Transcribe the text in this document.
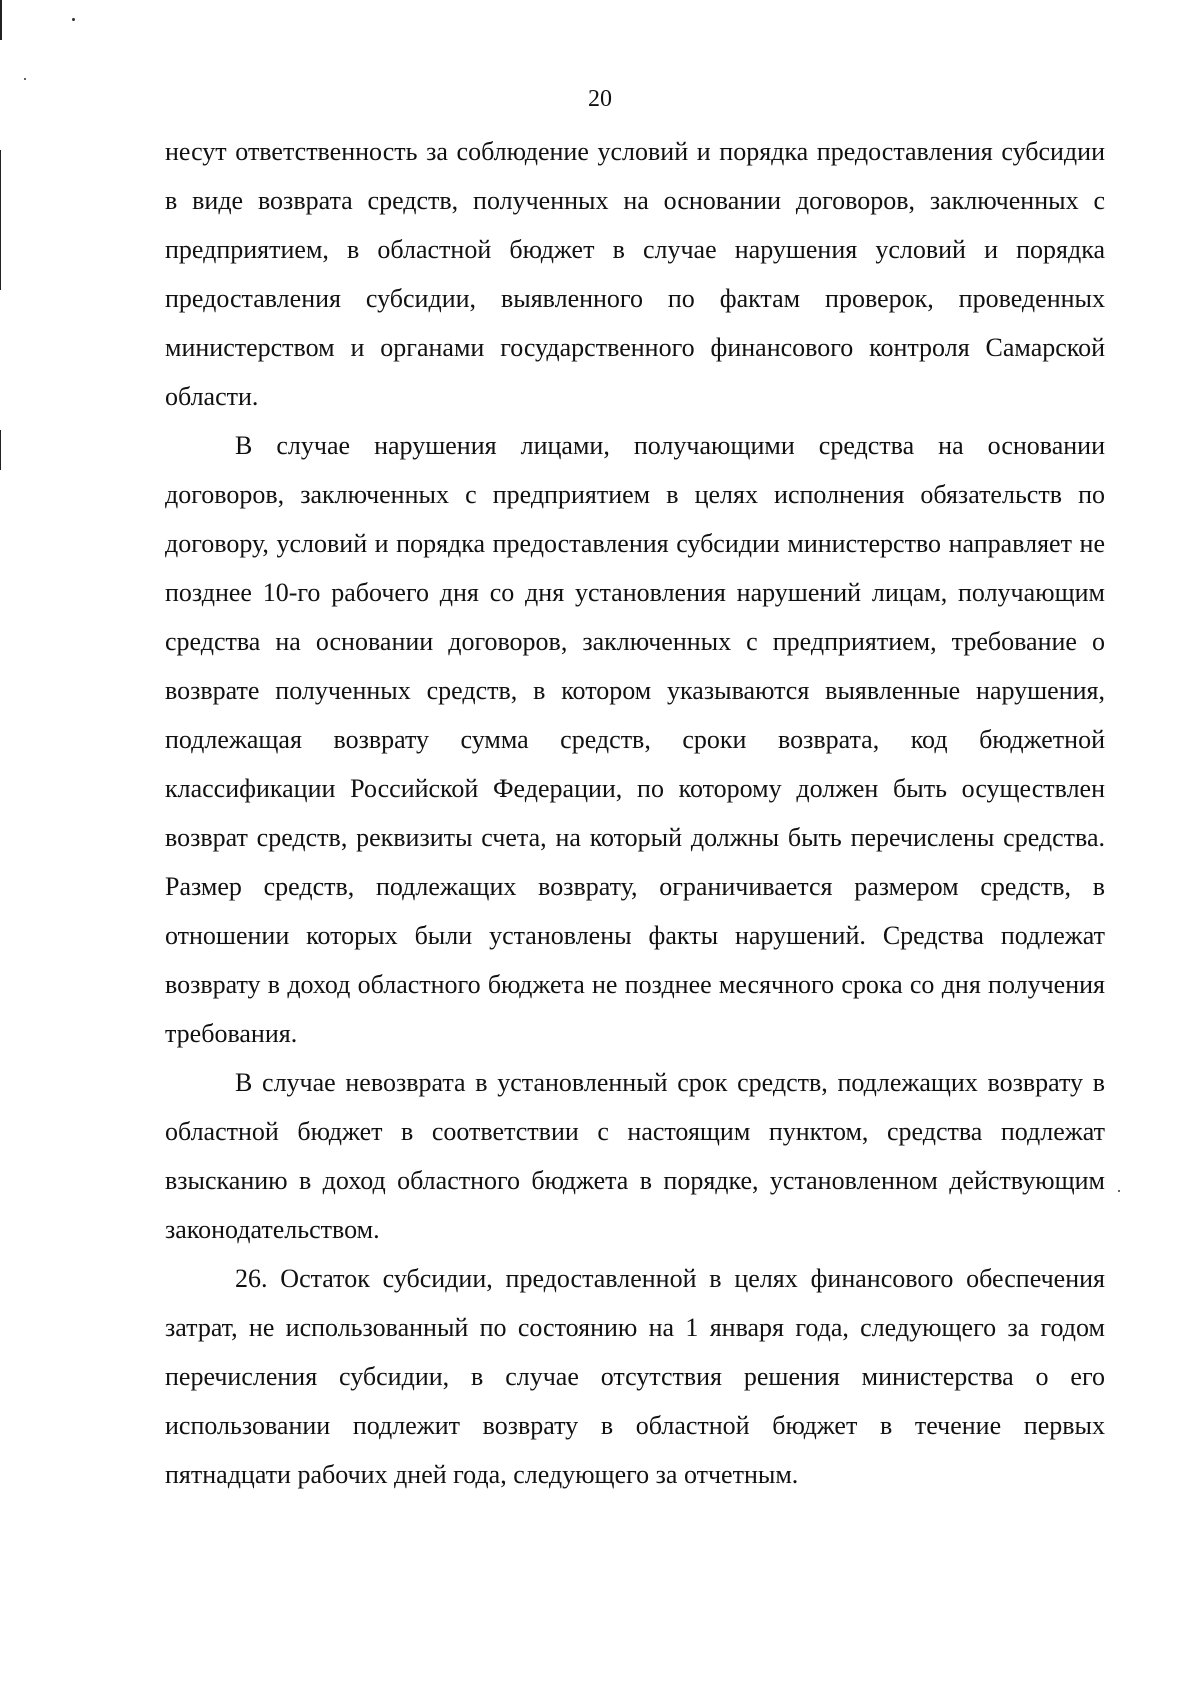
20

несут ответственность за соблюдение условий и порядка предоставления субсидии в виде возврата средств, полученных на основании договоров, заключенных с предприятием, в областной бюджет в случае нарушения условий и порядка предоставления субсидии, выявленного по фактам проверок, проведенных министерством и органами государственного финансового контроля Самарской области.

В случае нарушения лицами, получающими средства на основании договоров, заключенных с предприятием в целях исполнения обязательств по договору, условий и порядка предоставления субсидии министерство направляет не позднее 10-го рабочего дня со дня установления нарушений лицам, получающим средства на основании договоров, заключенных с предприятием, требование о возврате полученных средств, в котором указываются выявленные нарушения, подлежащая возврату сумма средств, сроки возврата, код бюджетной классификации Российской Федерации, по которому должен быть осуществлен возврат средств, реквизиты счета, на который должны быть перечислены средства. Размер средств, подлежащих возврату, ограничивается размером средств, в отношении которых были установлены факты нарушений. Средства подлежат возврату в доход областного бюджета не позднее месячного срока со дня получения требования.

В случае невозврата в установленный срок средств, подлежащих возврату в областной бюджет в соответствии с настоящим пунктом, средства подлежат взысканию в доход областного бюджета в порядке, установленном действующим законодательством.

26. Остаток субсидии, предоставленной в целях финансового обеспечения затрат, не использованный по состоянию на 1 января года, следующего за годом перечисления субсидии, в случае отсутствия решения министерства о его использовании подлежит возврату в областной бюджет в течение первых пятнадцати рабочих дней года, следующего за отчетным.
